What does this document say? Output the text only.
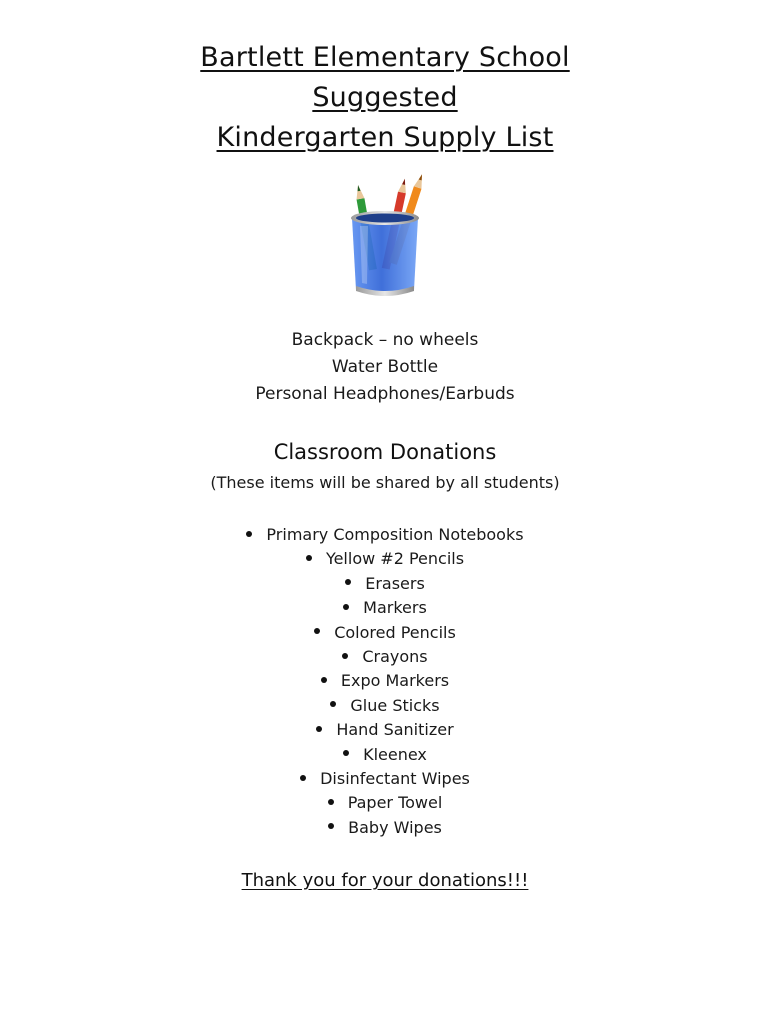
Bartlett Elementary School
Suggested
Kindergarten Supply List
Backpack – no wheels
Water Bottle
Personal Headphones/Earbuds
Classroom Donations
(These items will be shared by all students)
Primary Composition Notebooks
Yellow #2 Pencils
Erasers
Markers
Colored Pencils
Crayons
Expo Markers
Glue Sticks
Hand Sanitizer
Kleenex
Disinfectant Wipes
Paper Towel
Baby Wipes
Thank you for your donations!!!
